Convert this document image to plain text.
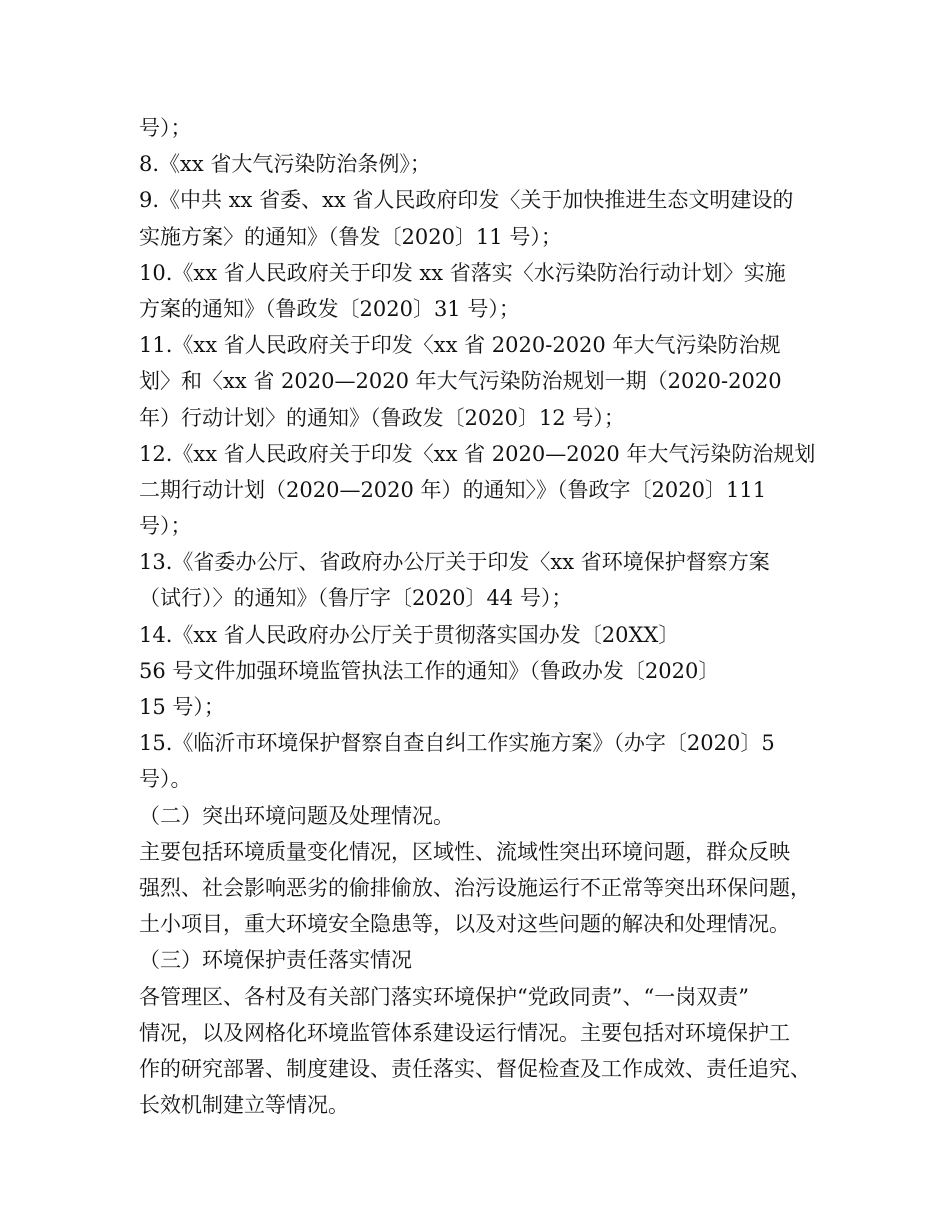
号）；
8.《xx 省大气污染防治条例》；
9.《中共 xx 省委、xx 省人民政府印发〈关于加快推进生态文明建设的
实施方案〉的通知》（鲁发〔2020〕11 号）；
10.《xx 省人民政府关于印发 xx 省落实〈水污染防治行动计划〉实施
方案的通知》（鲁政发〔2020〕31 号）；
11.《xx 省人民政府关于印发〈xx 省 2020-2020 年大气污染防治规
划〉和〈xx 省 2020—2020 年大气污染防治规划一期（2020-2020
年）行动计划〉的通知》（鲁政发〔2020〕12 号）；
12.《xx 省人民政府关于印发〈xx 省 2020—2020 年大气污染防治规划
二期行动计划（2020—2020 年）的通知〉》（鲁政字〔2020〕111
号）；
13.《省委办公厅、省政府办公厅关于印发〈xx 省环境保护督察方案
（试行）〉的通知》（鲁厅字〔2020〕44 号）；
14.《xx 省人民政府办公厅关于贯彻落实国办发〔20XX〕
56 号文件加强环境监管执法工作的通知》（鲁政办发〔2020〕
15 号）；
15.《临沂市环境保护督察自查自纠工作实施方案》（办字〔2020〕5
号）。
（二）突出环境问题及处理情况。
主要包括环境质量变化情况，区域性、流域性突出环境问题，群众反映
强烈、社会影响恶劣的偷排偷放、治污设施运行不正常等突出环保问题，
土小项目，重大环境安全隐患等，以及对这些问题的解决和处理情况。
（三）环境保护责任落实情况
各管理区、各村及有关部门落实环境保护“党政同责”、“一岗双责”
情况，以及网格化环境监管体系建设运行情况。主要包括对环境保护工
作的研究部署、制度建设、责任落实、督促检查及工作成效、责任追究、
长效机制建立等情况。
